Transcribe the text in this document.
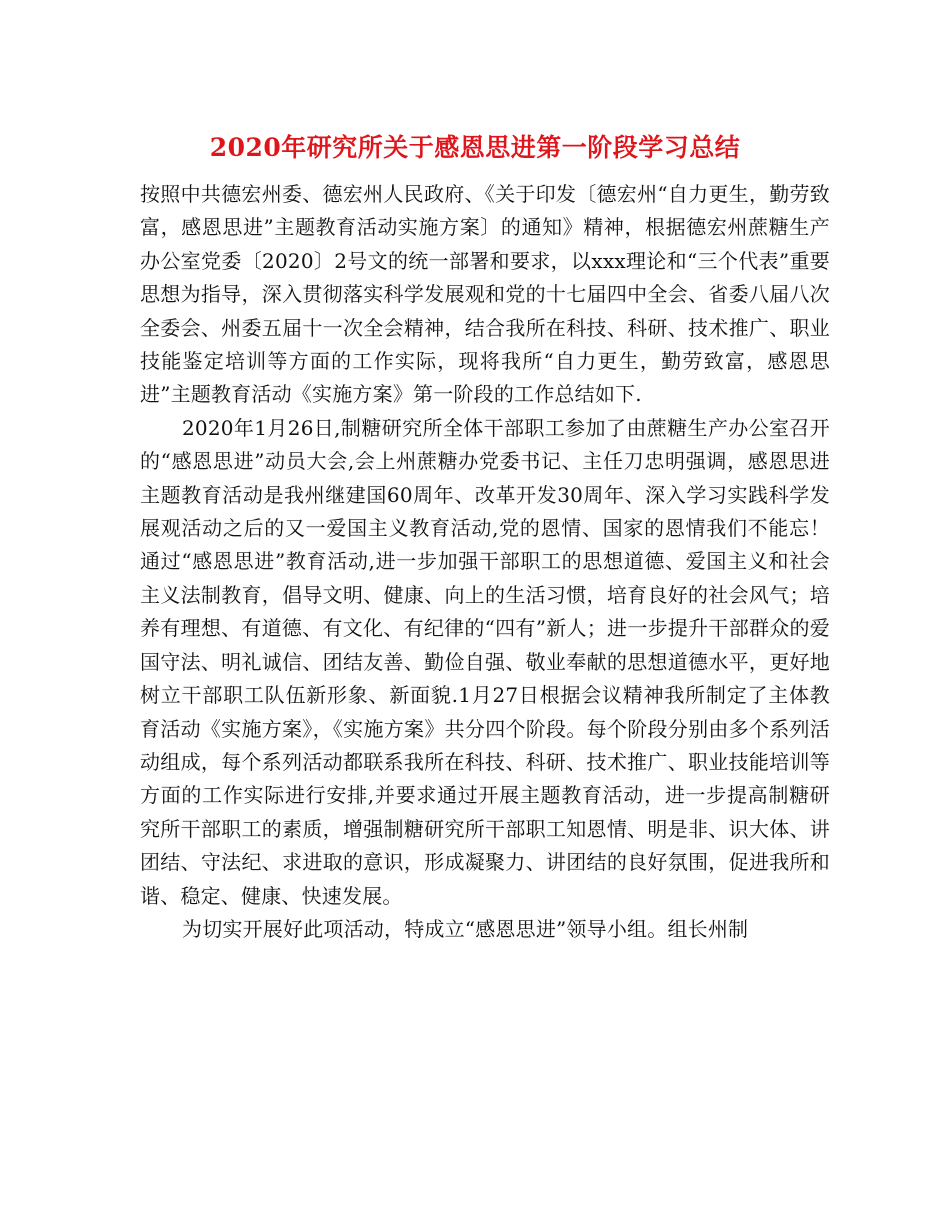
2020年研究所关于感恩思进第一阶段学习总结

按照中共德宏州委、德宏州人民政府、《关于印发〔德宏州“自力更生，勤劳致富，感恩思进”主题教育活动实施方案〕的通知》精神，根据德宏州蔗糖生产办公室党委〔2020〕2号文的统一部署和要求，以xxx理论和“三个代表”重要思想为指导，深入贯彻落实科学发展观和党的十七届四中全会、省委八届八次全委会、州委五届十一次全会精神，结合我所在科技、科研、技术推广、职业技能鉴定培训等方面的工作实际，现将我所“自力更生，勤劳致富，感恩思进”主题教育活动《实施方案》第一阶段的工作总结如下.

2020年1月26日,制糖研究所全体干部职工参加了由蔗糖生产办公室召开的“感恩思进”动员大会,会上州蔗糖办党委书记、主任刀忠明强调，感恩思进主题教育活动是我州继建国60周年、改革开发30周年、深入学习实践科学发展观活动之后的又一爱国主义教育活动,党的恩情、国家的恩情我们不能忘！通过“感恩思进”教育活动,进一步加强干部职工的思想道德、爱国主义和社会主义法制教育，倡导文明、健康、向上的生活习惯，培育良好的社会风气；培养有理想、有道德、有文化、有纪律的“四有”新人；进一步提升干部群众的爱国守法、明礼诚信、团结友善、勤俭自强、敬业奉献的思想道德水平，更好地树立干部职工队伍新形象、新面貌.1月27日根据会议精神我所制定了主体教育活动《实施方案》，《实施方案》共分四个阶段。每个阶段分别由多个系列活动组成，每个系列活动都联系我所在科技、科研、技术推广、职业技能培训等方面的工作实际进行安排,并要求通过开展主题教育活动，进一步提高制糖研究所干部职工的素质，增强制糖研究所干部职工知恩情、明是非、识大体、讲团结、守法纪、求进取的意识，形成凝聚力、讲团结的良好氛围，促进我所和谐、稳定、健康、快速发展。

为切实开展好此项活动，特成立“感恩思进”领导小组。组长州制
